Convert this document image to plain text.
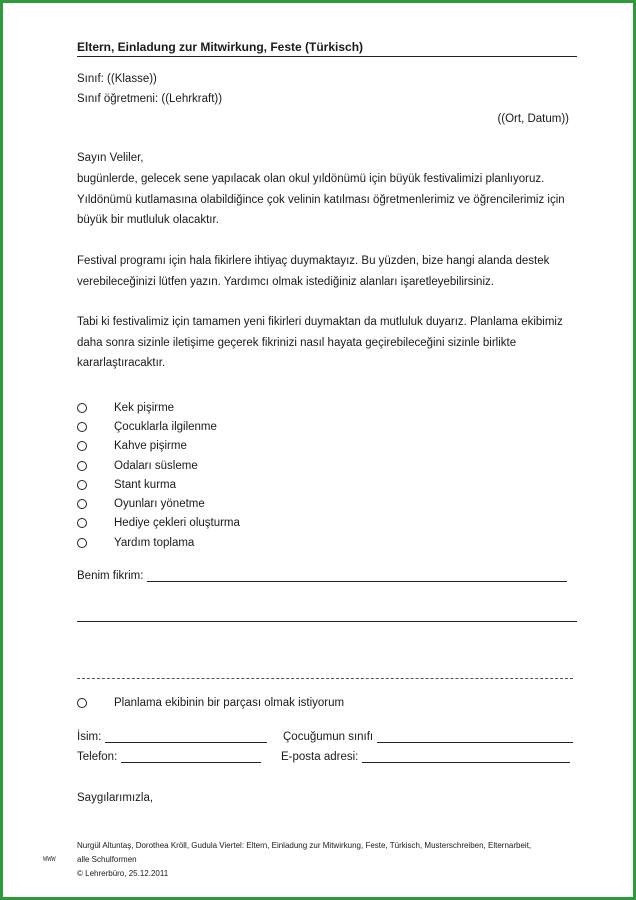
Eltern, Einladung zur Mitwirkung, Feste (Türkisch)
Sınıf: ((Klasse))
Sınıf öğretmeni: ((Lehrkraft))
((Ort, Datum))
Sayın Veliler,
bugünlerde, gelecek sene yapılacak olan okul yıldönümü için büyük festivalimizi planlıyoruz.
Yıldönümü kutlamasına olabildiğince çok velinin katılması öğretmenlerimiz ve öğrencilerimiz için
büyük bir mutluluk olacaktır.
Festival programı için hala fikirlere ihtiyaç duymaktayız. Bu yüzden, bize hangi alanda destek
verebileceğinizi lütfen yazın. Yardımcı olmak istediğiniz alanları işaretleyebilirsiniz.
Tabi ki festivalimiz için tamamen yeni fikirleri duymaktan da mutluluk duyarız. Planlama ekibimiz
daha sonra sizinle iletişime geçerek fikrinizi nasıl hayata geçirebileceğini sizinle birlikte
kararlaştıracaktır.
Kek pişirme
Çocuklarla ilgilenme
Kahve pişirme
Odaları süsleme
Stant kurma
Oyunları yönetme
Hediye çekleri oluşturma
Yardım toplama
Benim fikrim:
Planlama ekibinin bir parçası olmak istiyorum
İsim:	Çocuğumun sınıfı
Telefon:	E-posta adresi:
Saygılarımızla,
Nurgül Altuntaş, Dorothea Kröll, Gudula Viertel: Eltern, Einladung zur Mitwirkung, Feste, Türkisch, Musterschreiben, Elternarbeit,
alle Schulformen
© Lehrerbüro, 25.12.2011
WWW
